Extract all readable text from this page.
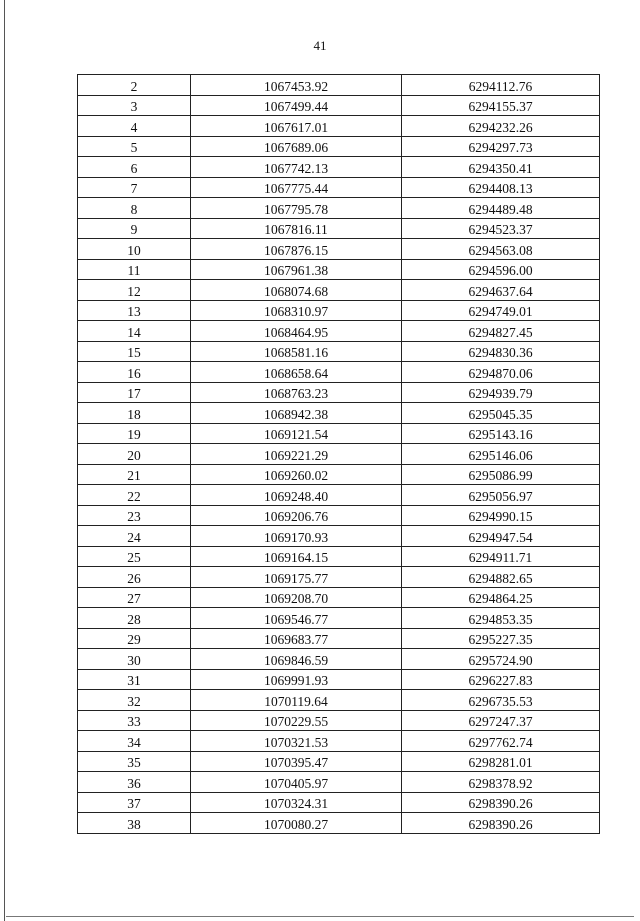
41
2	1067453.92	6294112.76
3	1067499.44	6294155.37
4	1067617.01	6294232.26
5	1067689.06	6294297.73
6	1067742.13	6294350.41
7	1067775.44	6294408.13
8	1067795.78	6294489.48
9	1067816.11	6294523.37
10	1067876.15	6294563.08
11	1067961.38	6294596.00
12	1068074.68	6294637.64
13	1068310.97	6294749.01
14	1068464.95	6294827.45
15	1068581.16	6294830.36
16	1068658.64	6294870.06
17	1068763.23	6294939.79
18	1068942.38	6295045.35
19	1069121.54	6295143.16
20	1069221.29	6295146.06
21	1069260.02	6295086.99
22	1069248.40	6295056.97
23	1069206.76	6294990.15
24	1069170.93	6294947.54
25	1069164.15	6294911.71
26	1069175.77	6294882.65
27	1069208.70	6294864.25
28	1069546.77	6294853.35
29	1069683.77	6295227.35
30	1069846.59	6295724.90
31	1069991.93	6296227.83
32	1070119.64	6296735.53
33	1070229.55	6297247.37
34	1070321.53	6297762.74
35	1070395.47	6298281.01
36	1070405.97	6298378.92
37	1070324.31	6298390.26
38	1070080.27	6298390.26
